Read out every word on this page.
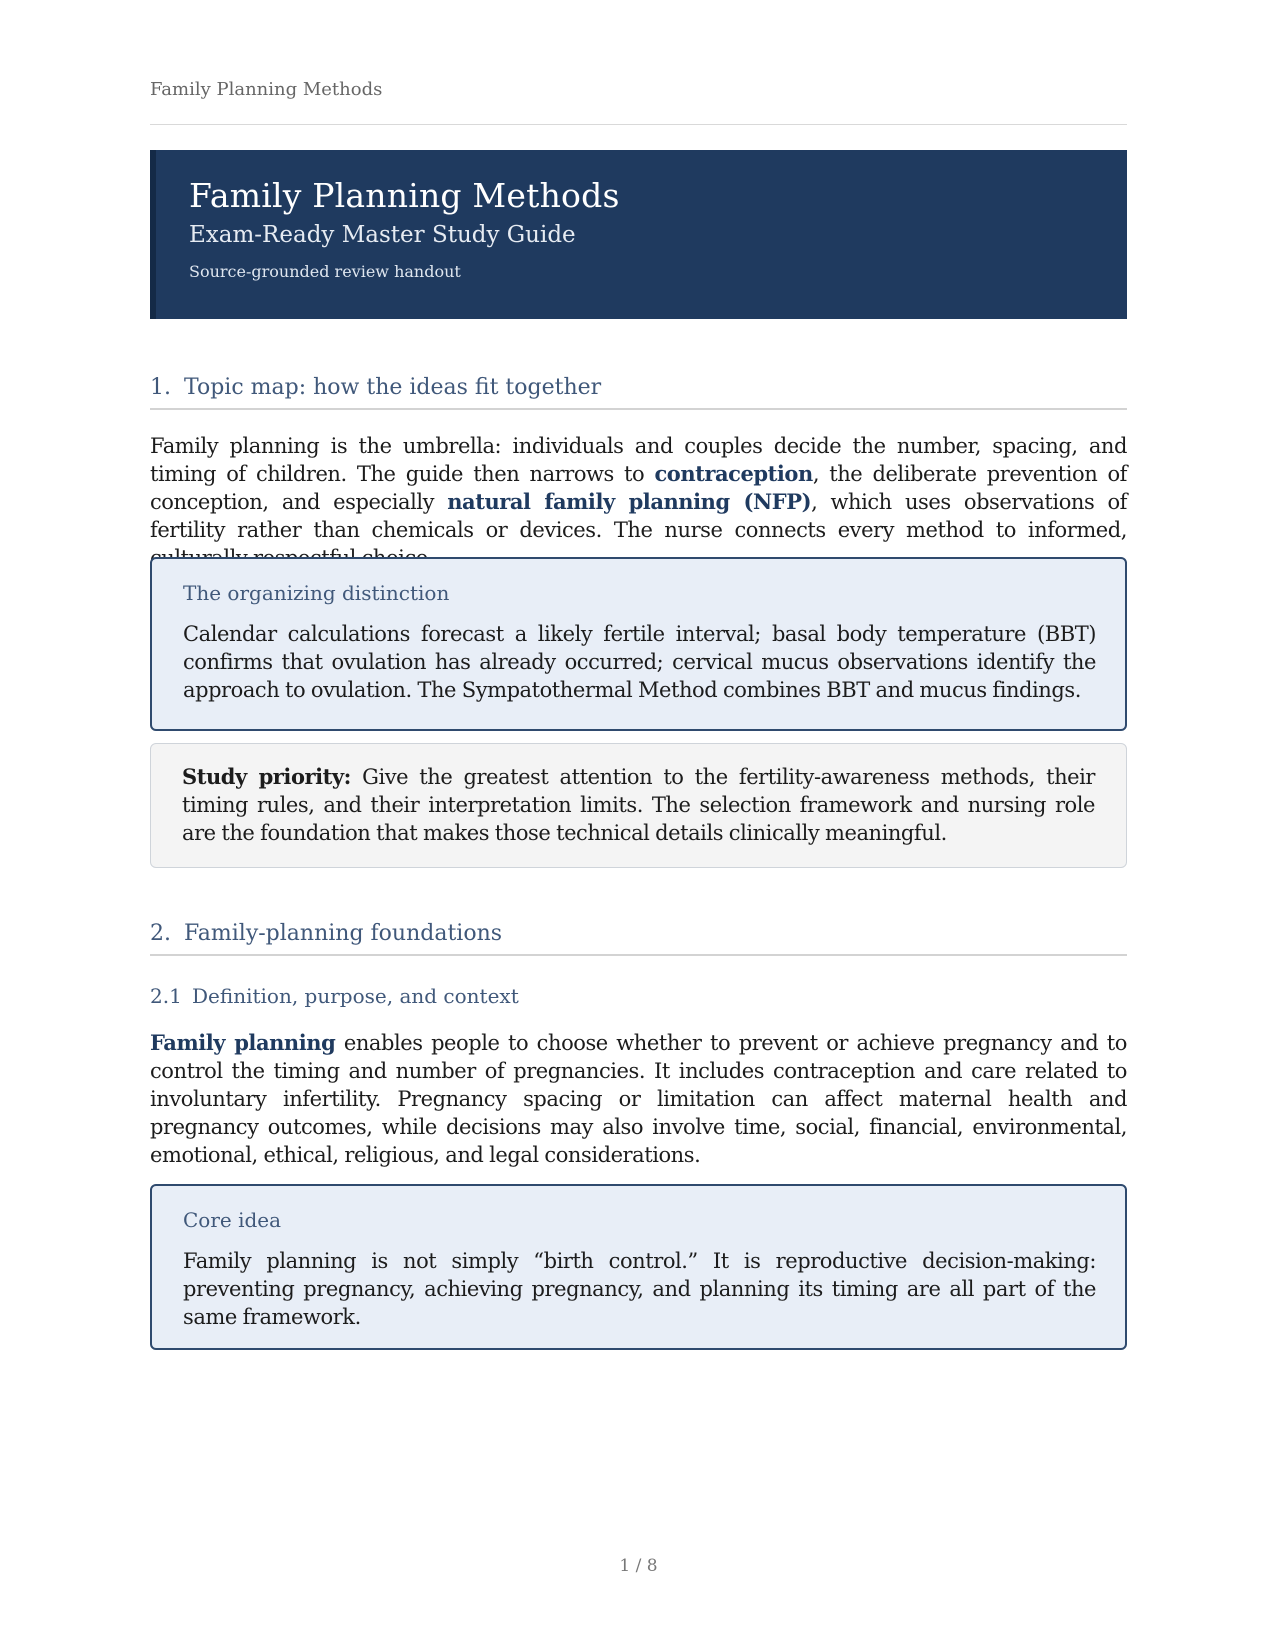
Family Planning Methods
Family Planning Methods
Exam-Ready Master Study Guide
Source-grounded review handout
1. Topic map: how the ideas fit together

Family planning is the umbrella: individuals and couples decide the number, spacing, and timing of children. The guide then narrows to contraception, the deliberate prevention of conception, and especially natural family planning (NFP), which uses observations of fertility rather than chemicals or devices. The nurse connects every method to informed,

The organizing distinction

Calendar calculations forecast a likely fertile interval; basal body temperature (BBT) confirms that ovulation has already occurred; cervical mucus observations identify the approach to ovulation. The Sympatothermal Method combines BBT and mucus findings.

Study priority: Give the greatest attention to the fertility-awareness methods, their timing rules, and their interpretation limits. The selection framework and nursing role are the foundation that makes those technical details clinically meaningful.

2. Family-planning foundations
2.1 Definition, purpose, and context

Family planning enables people to choose whether to prevent or achieve pregnancy and to control the timing and number of pregnancies. It includes contraception and care related to involuntary infertility. Pregnancy spacing or limitation can affect maternal health and pregnancy outcomes, while decisions may also involve time, social, financial, environmental, emotional, ethical, religious, and legal considerations.

Core idea

Family planning is not simply “birth control.” It is reproductive decision-making: preventing pregnancy, achieving pregnancy, and planning its timing are all part of the same framework.

1 / 8
